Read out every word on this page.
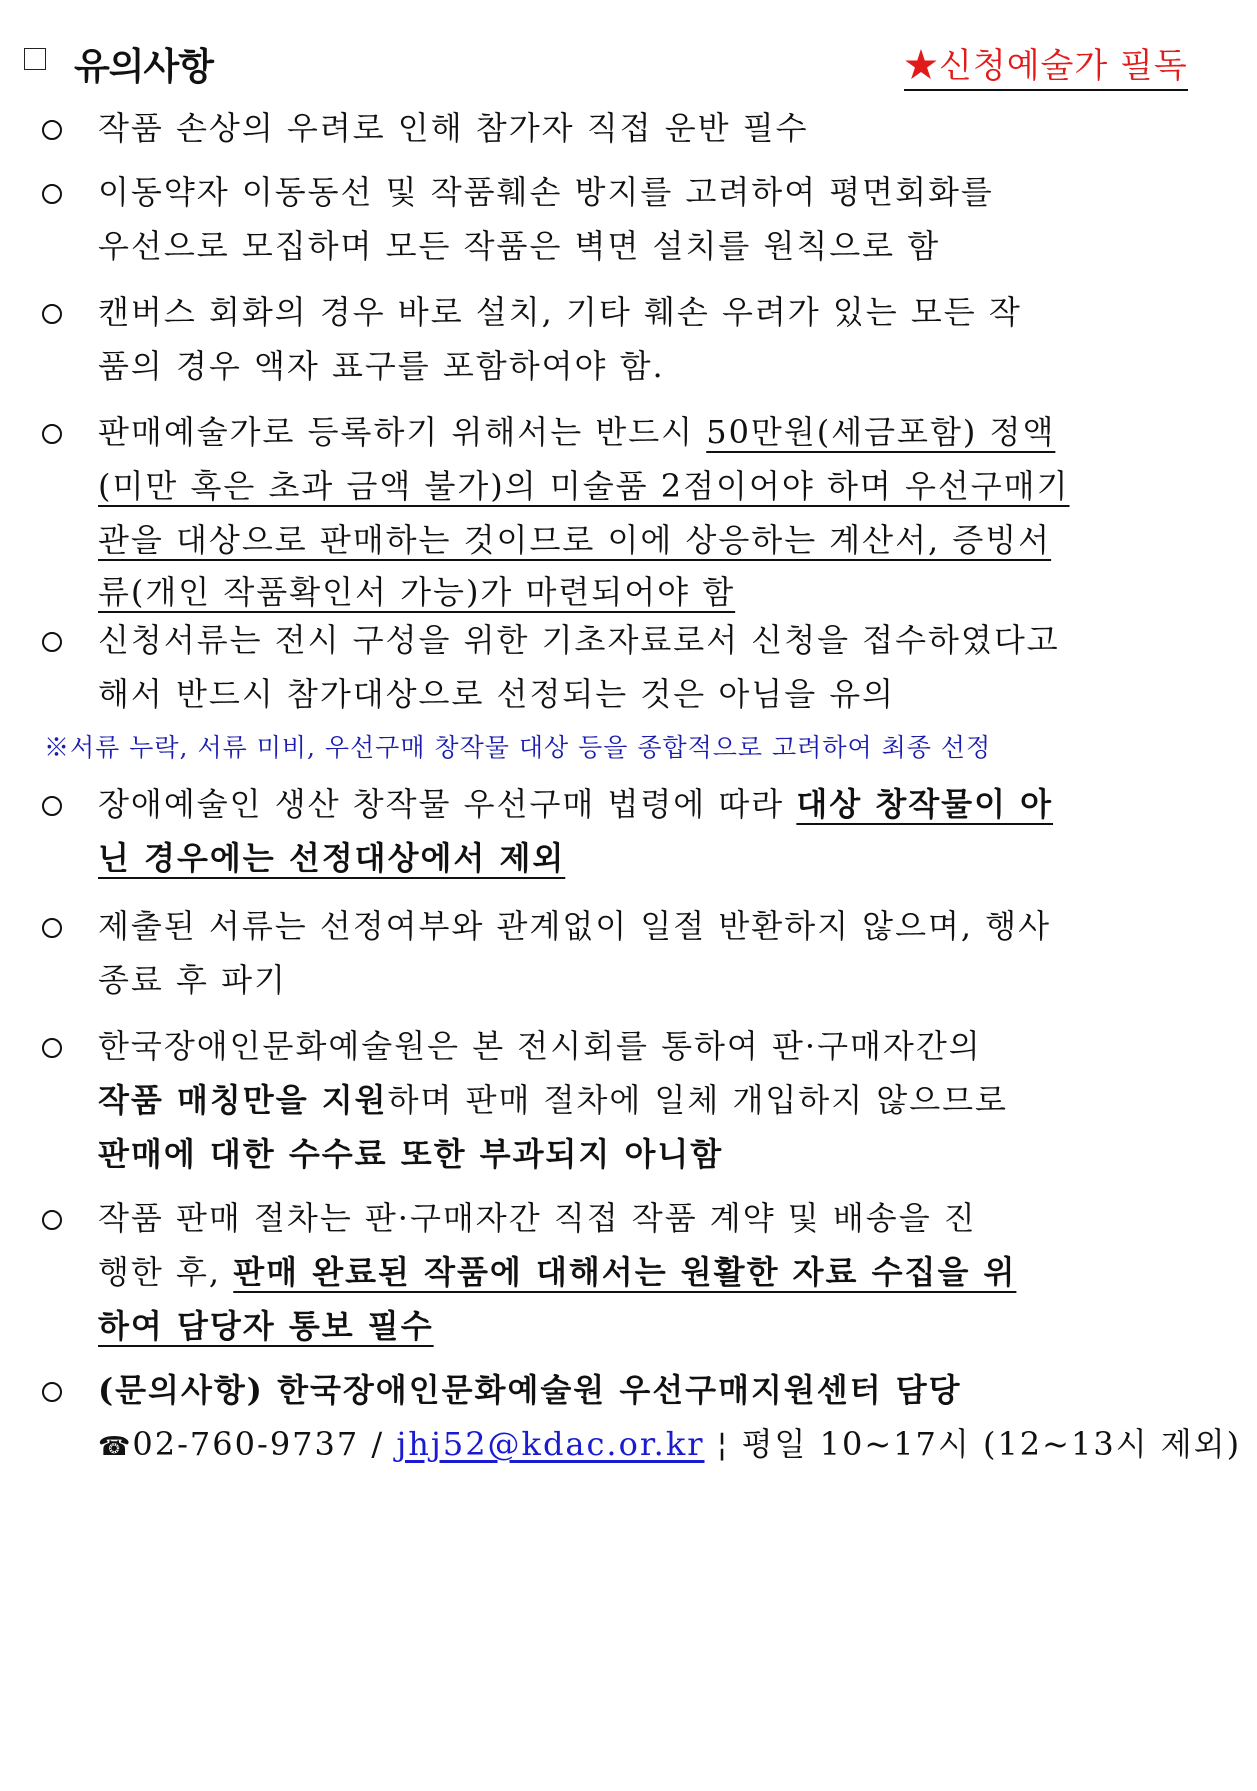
유의사항	★신청예술가 필독
작품 손상의 우려로 인해 참가자 직접 운반 필수
이동약자 이동동선 및 작품훼손 방지를 고려하여 평면회화를
우선으로 모집하며 모든 작품은 벽면 설치를 원칙으로 함
캔버스 회화의 경우 바로 설치, 기타 훼손 우려가 있는 모든 작
품의 경우 액자 표구를 포함하여야 함.
판매예술가로 등록하기 위해서는 반드시 50만원(세금포함) 정액
(미만 혹은 초과 금액 불가)의 미술품 2점이어야 하며 우선구매기
관을 대상으로 판매하는 것이므로 이에 상응하는 계산서, 증빙서
류(개인 작품확인서 가능)가 마련되어야 함
신청서류는 전시 구성을 위한 기초자료로서 신청을 접수하였다고
해서 반드시 참가대상으로 선정되는 것은 아님을 유의
※서류 누락, 서류 미비, 우선구매 창작물 대상 등을 종합적으로 고려하여 최종 선정
장애예술인 생산 창작물 우선구매 법령에 따라 대상 창작물이 아
닌 경우에는 선정대상에서 제외
제출된 서류는 선정여부와 관계없이 일절 반환하지 않으며, 행사
종료 후 파기
한국장애인문화예술원은 본 전시회를 통하여 판·구매자간의
작품 매칭만을 지원하며 판매 절차에 일체 개입하지 않으므로
판매에 대한 수수료 또한 부과되지 아니함
작품 판매 절차는 판·구매자간 직접 작품 계약 및 배송을 진
행한 후, 판매 완료된 작품에 대해서는 원활한 자료 수집을 위
하여 담당자 통보 필수
(문의사항) 한국장애인문화예술원 우선구매지원센터 담당
☎02-760-9737 / jhj52@kdac.or.kr ¦ 평일 10~17시 (12~13시 제외)
